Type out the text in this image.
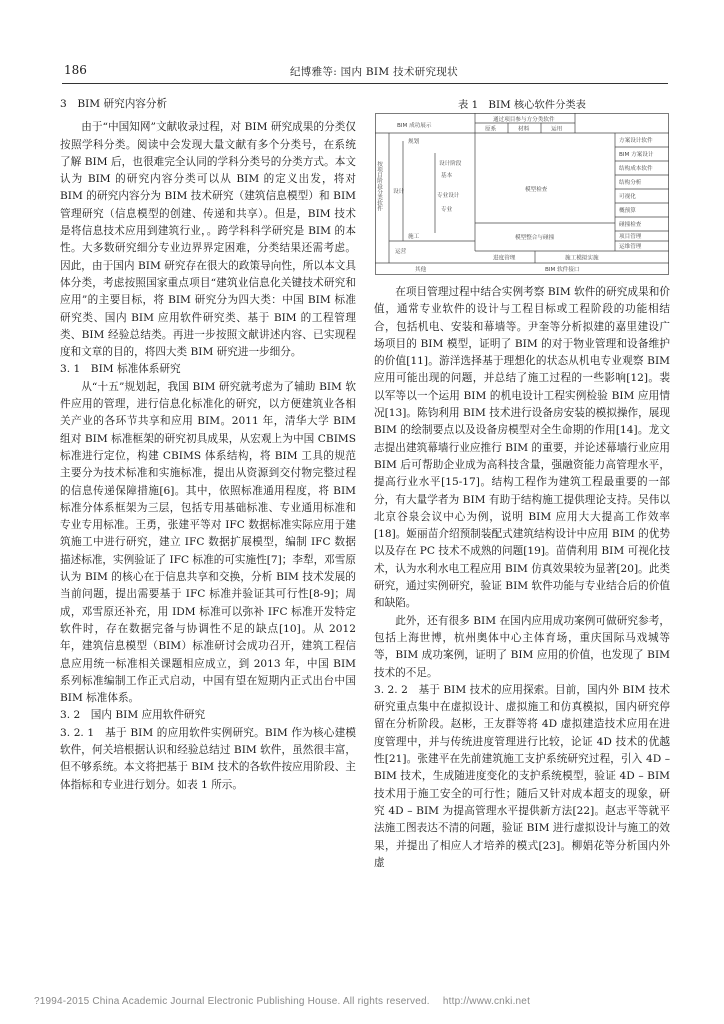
186	纪博雅等: 国内 BIM 技术研究现状
3　BIM 研究内容分析

由于“中国知网”文献收录过程，对 BIM 研究成果的分类仅按照学科分类。阅读中会发现大量文献有多个分类号，在系统了解 BIM 后，也很难完全认同的学科分类号的分类方式。本文认为 BIM 的研究内容分类可以从 BIM 的定义出发，将对 BIM 的研究内容分为 BIM 技术研究（建筑信息模型）和 BIM 管理研究（信息模型的创建、传递和共享）。但是，BIM 技术是将信息技术应用到建筑行业，。跨学科科学研究是 BIM 的本性。大多数研究细分专业边界界定困难，分类结果还需考虑。因此，由于国内 BIM 研究存在很大的政策导向性，所以本文具体分类，考虑按照国家重点项目“建筑业信息化关键技术研究和应用”的主要目标，将 BIM 研究分为四大类：中国 BIM 标准研究类、国内 BIM 应用软件研究类、基于 BIM 的工程管理类、BIM 经验总结类。再进一步按照文献讲述内容、已实现程度和文章的目的，将四大类 BIM 研究进一步细分。

3. 1　BIM 标准体系研究

从“十五”规划起，我国 BIM 研究就考虑为了辅助 BIM 软件应用的管理，进行信息化标准化的研究，以方便建筑业各相关产业的各环节共享和应用 BIM。2011 年，清华大学 BIM 组对 BIM 标准框架的研究初具成果，从宏观上为中国 CBIMS 标准进行定位，构建 CBIMS 体系结构，将 BIM 工具的规范主要分为技术标准和实施标准，提出从资源到交付物完整过程的信息传递保障措施[6]。其中，依照标准通用程度，将 BIM 标准分体系框架为三层，包括专用基础标准、专业通用标准和专业专用标准。王勇，张建平等对 IFC 数据标准实际应用于建筑施工中进行研究，建立 IFC 数据扩展模型，编制 IFC 数据描述标准，实例验证了 IFC 标准的可实施性[7]；李犁，邓雪原认为 BIM 的核心在于信息共享和交换，分析 BIM 技术发展的当前问题，提出需要基于 IFC 标准并验证其可行性[8-9]；周成，邓雪原还补充，用 IDM 标准可以弥补 IFC 标准开发特定软件时，存在数据完备与协调性不足的缺点[10]。从 2012 年，建筑信息模型（BIM）标准研讨会成功召开，建筑工程信息应用统一标准相关课题相应成立，到 2013 年，中国 BIM 系列标准编制工作正式启动，中国有望在短期内正式出台中国 BIM 标准体系。

3. 2　国内 BIM 应用软件研究

3. 2. 1　基于 BIM 的应用软件实例研究。BIM 作为核心建模软件，何关培根据认识和经验总结过 BIM 软件，虽然很丰富，但不够系统。本文将把基于 BIM 技术的各软件按应用阶段、主体指标和专业进行划分。如表 1 所示。

表 1　BIM 核心软件分类表
BIM 成功展示
通过项目参与方分类软件
原系	材料	运用
按项目阶段分类软件
规划
设计
施工
运营
设计阶段
基本
专业设计
专业
模型检查
模型整合与碰撞
方案设计软件
BIM 方案设计
结构成本软件
结构分析
可视化
概预算
碰撞检查
项目管理
运维管理
进度管理	施工模拟实施
其他	BIM 软件接口

在项目管理过程中结合实例考察 BIM 软件的研究成果和价值，通常专业软件的设计与工程目标或工程阶段的功能相结合，包括机电、安装和幕墙等。尹奎等分析拟建的嘉里建设广场项目的 BIM 模型，证明了 BIM 的对于物业管理和设备维护的价值[11]。游洋选择基于理想化的状态从机电专业观察 BIM 应用可能出现的问题，并总结了施工过程的一些影响[12]。裴以军等以一个运用 BIM 的机电设计工程实例检验 BIM 应用情况[13]。陈钧利用 BIM 技术进行设备房安装的模拟操作，展现 BIM 的绘制要点以及设备房模型对全生命期的作用[14]。龙文志提出建筑幕墙行业应推行 BIM 的重要，并论述幕墙行业应用 BIM 后可帮助企业成为高科技含量，强融资能力高管理水平，提高行业水平[15-17]。结构工程作为建筑工程最重要的一部分，有大量学者为 BIM 有助于结构施工提供理论支持。吴伟以北京谷泉会议中心为例，说明 BIM 应用大大提高工作效率[18]。姬丽苗介绍预制装配式建筑结构设计中应用 BIM 的优势以及存在 PC 技术不成熟的问题[19]。苗倩利用 BIM 可视化技术，认为水利水电工程应用 BIM 仿真效果较为显著[20]。此类研究，通过实例研究，验证 BIM 软件功能与专业结合后的价值和缺陷。

此外，还有很多 BIM 在国内应用成功案例可做研究参考，包括上海世博，杭州奥体中心主体育场，重庆国际马戏城等等，BIM 成功案例，证明了 BIM 应用的价值，也发现了 BIM 技术的不足。

3. 2. 2　基于 BIM 技术的应用探索。目前，国内外 BIM 技术研究重点集中在虚拟设计、虚拟施工和仿真模拟，国内研究停留在分析阶段。赵彬，王友群等将 4D 虚拟建造技术应用在进度管理中，并与传统进度管理进行比较，论证 4D 技术的优越性[21]。张建平在先前建筑施工支护系统研究过程，引入 4D – BIM 技术，生成随进度变化的支护系统模型，验证 4D – BIM 技术用于施工安全的可行性；随后又针对成本超支的现象，研究 4D – BIM 为提高管理水平提供新方法[22]。赵志平等就平法施工图表达不清的问题，验证 BIM 进行虚拟设计与施工的效果，并提出了相应人才培养的模式[23]。柳娟花等分析国内外虚

?1994-2015 China Academic Journal Electronic Publishing House. All rights reserved.　 http://www.cnki.net
